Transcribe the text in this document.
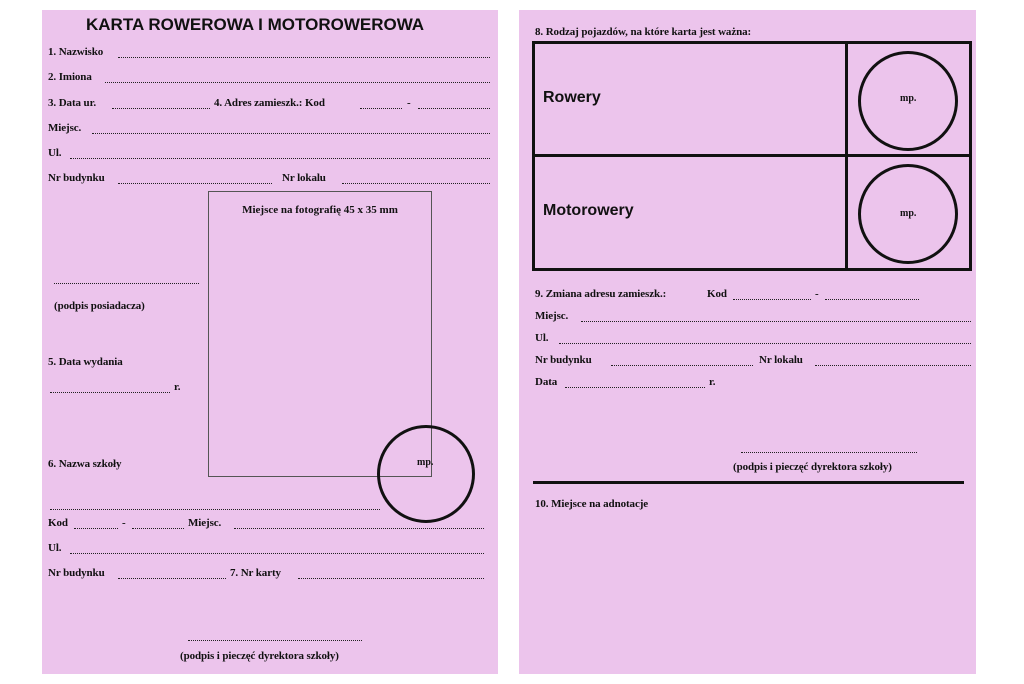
KARTA ROWEROWA I MOTOROWEROWA
1. Nazwisko
2. Imiona
3. Data ur.	4. Adres zamieszk.: Kod	-
Miejsc.
Ul.
Nr budynku	Nr lokalu
Miejsce na fotografię 45 x 35 mm
(podpis posiadacza)
5. Data wydania
r.
mp.
6. Nazwa szkoły
Kod	-	Miejsc.
Ul.
Nr budynku	7. Nr karty
(podpis i pieczęć dyrektora szkoły)
8. Rodzaj pojazdów, na które karta jest ważna:
Rowery	mp.
Motorowery	mp.
9. Zmiana adresu zamieszk.:	Kod	-
Miejsc.
Ul.
Nr budynku	Nr lokalu
Data	r.
(podpis i pieczęć dyrektora szkoły)
10. Miejsce na adnotacje
